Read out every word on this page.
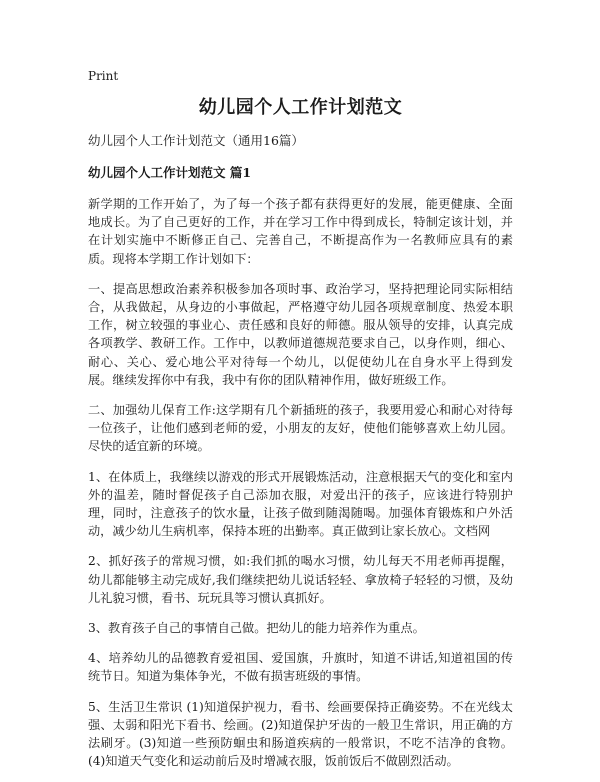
Print
幼儿园个人工作计划范文
幼儿园个人工作计划范文（通用16篇）
幼儿园个人工作计划范文 篇1
新学期的工作开始了，为了每一个孩子都有获得更好的发展，能更健康、全面地成长。为了自己更好的工作，并在学习工作中得到成长，特制定该计划，并在计划实施中不断修正自己、完善自己，不断提高作为一名教师应具有的素质。现将本学期工作计划如下：
一、提高思想政治素养积极参加各项时事、政治学习，坚持把理论同实际相结合，从我做起，从身边的小事做起，严格遵守幼儿园各项规章制度、热爱本职工作，树立较强的事业心、责任感和良好的师德。服从领导的安排，认真完成各项教学、教研工作。工作中，以教师道德规范要求自己，以身作则，细心、耐心、关心、爱心地公平对待每一个幼儿，以促使幼儿在自身水平上得到发展。继续发挥你中有我，我中有你的团队精神作用，做好班级工作。
二、加强幼儿保育工作:这学期有几个新插班的孩子，我要用爱心和耐心对待每一位孩子，让他们感到老师的爱，小朋友的友好，使他们能够喜欢上幼儿园。尽快的适宜新的环境。
1、在体质上，我继续以游戏的形式开展锻炼活动，注意根据天气的变化和室内外的温差，随时督促孩子自己添加衣服，对爱出汗的孩子，应该进行特别护理，同时，注意孩子的饮水量，让孩子做到随渴随喝。加强体育锻炼和户外活动，减少幼儿生病机率，保持本班的出勤率。真正做到让家长放心。文档网
2、抓好孩子的常规习惯，如:我们抓的喝水习惯，幼儿每天不用老师再提醒，幼儿都能够主动完成好,我们继续把幼儿说话轻轻、拿放椅子轻轻的习惯，及幼儿礼貌习惯，看书、玩玩具等习惯认真抓好。
3、教育孩子自己的事情自己做。把幼儿的能力培养作为重点。
4、培养幼儿的品德教育爱祖国、爱国旗，升旗时，知道不讲话,知道祖国的传统节日。知道为集体争光，不做有损害班级的事情。
5、生活卫生常识 (1)知道保护视力，看书、绘画要保持正确姿势。不在光线太强、太弱和阳光下看书、绘画。(2)知道保护牙齿的一般卫生常识，用正确的方法刷牙。(3)知道一些预防蛔虫和肠道疾病的一般常识，不吃不洁净的食物。 (4)知道天气变化和运动前后及时增减衣服，饭前饭后不做剧烈活动。
